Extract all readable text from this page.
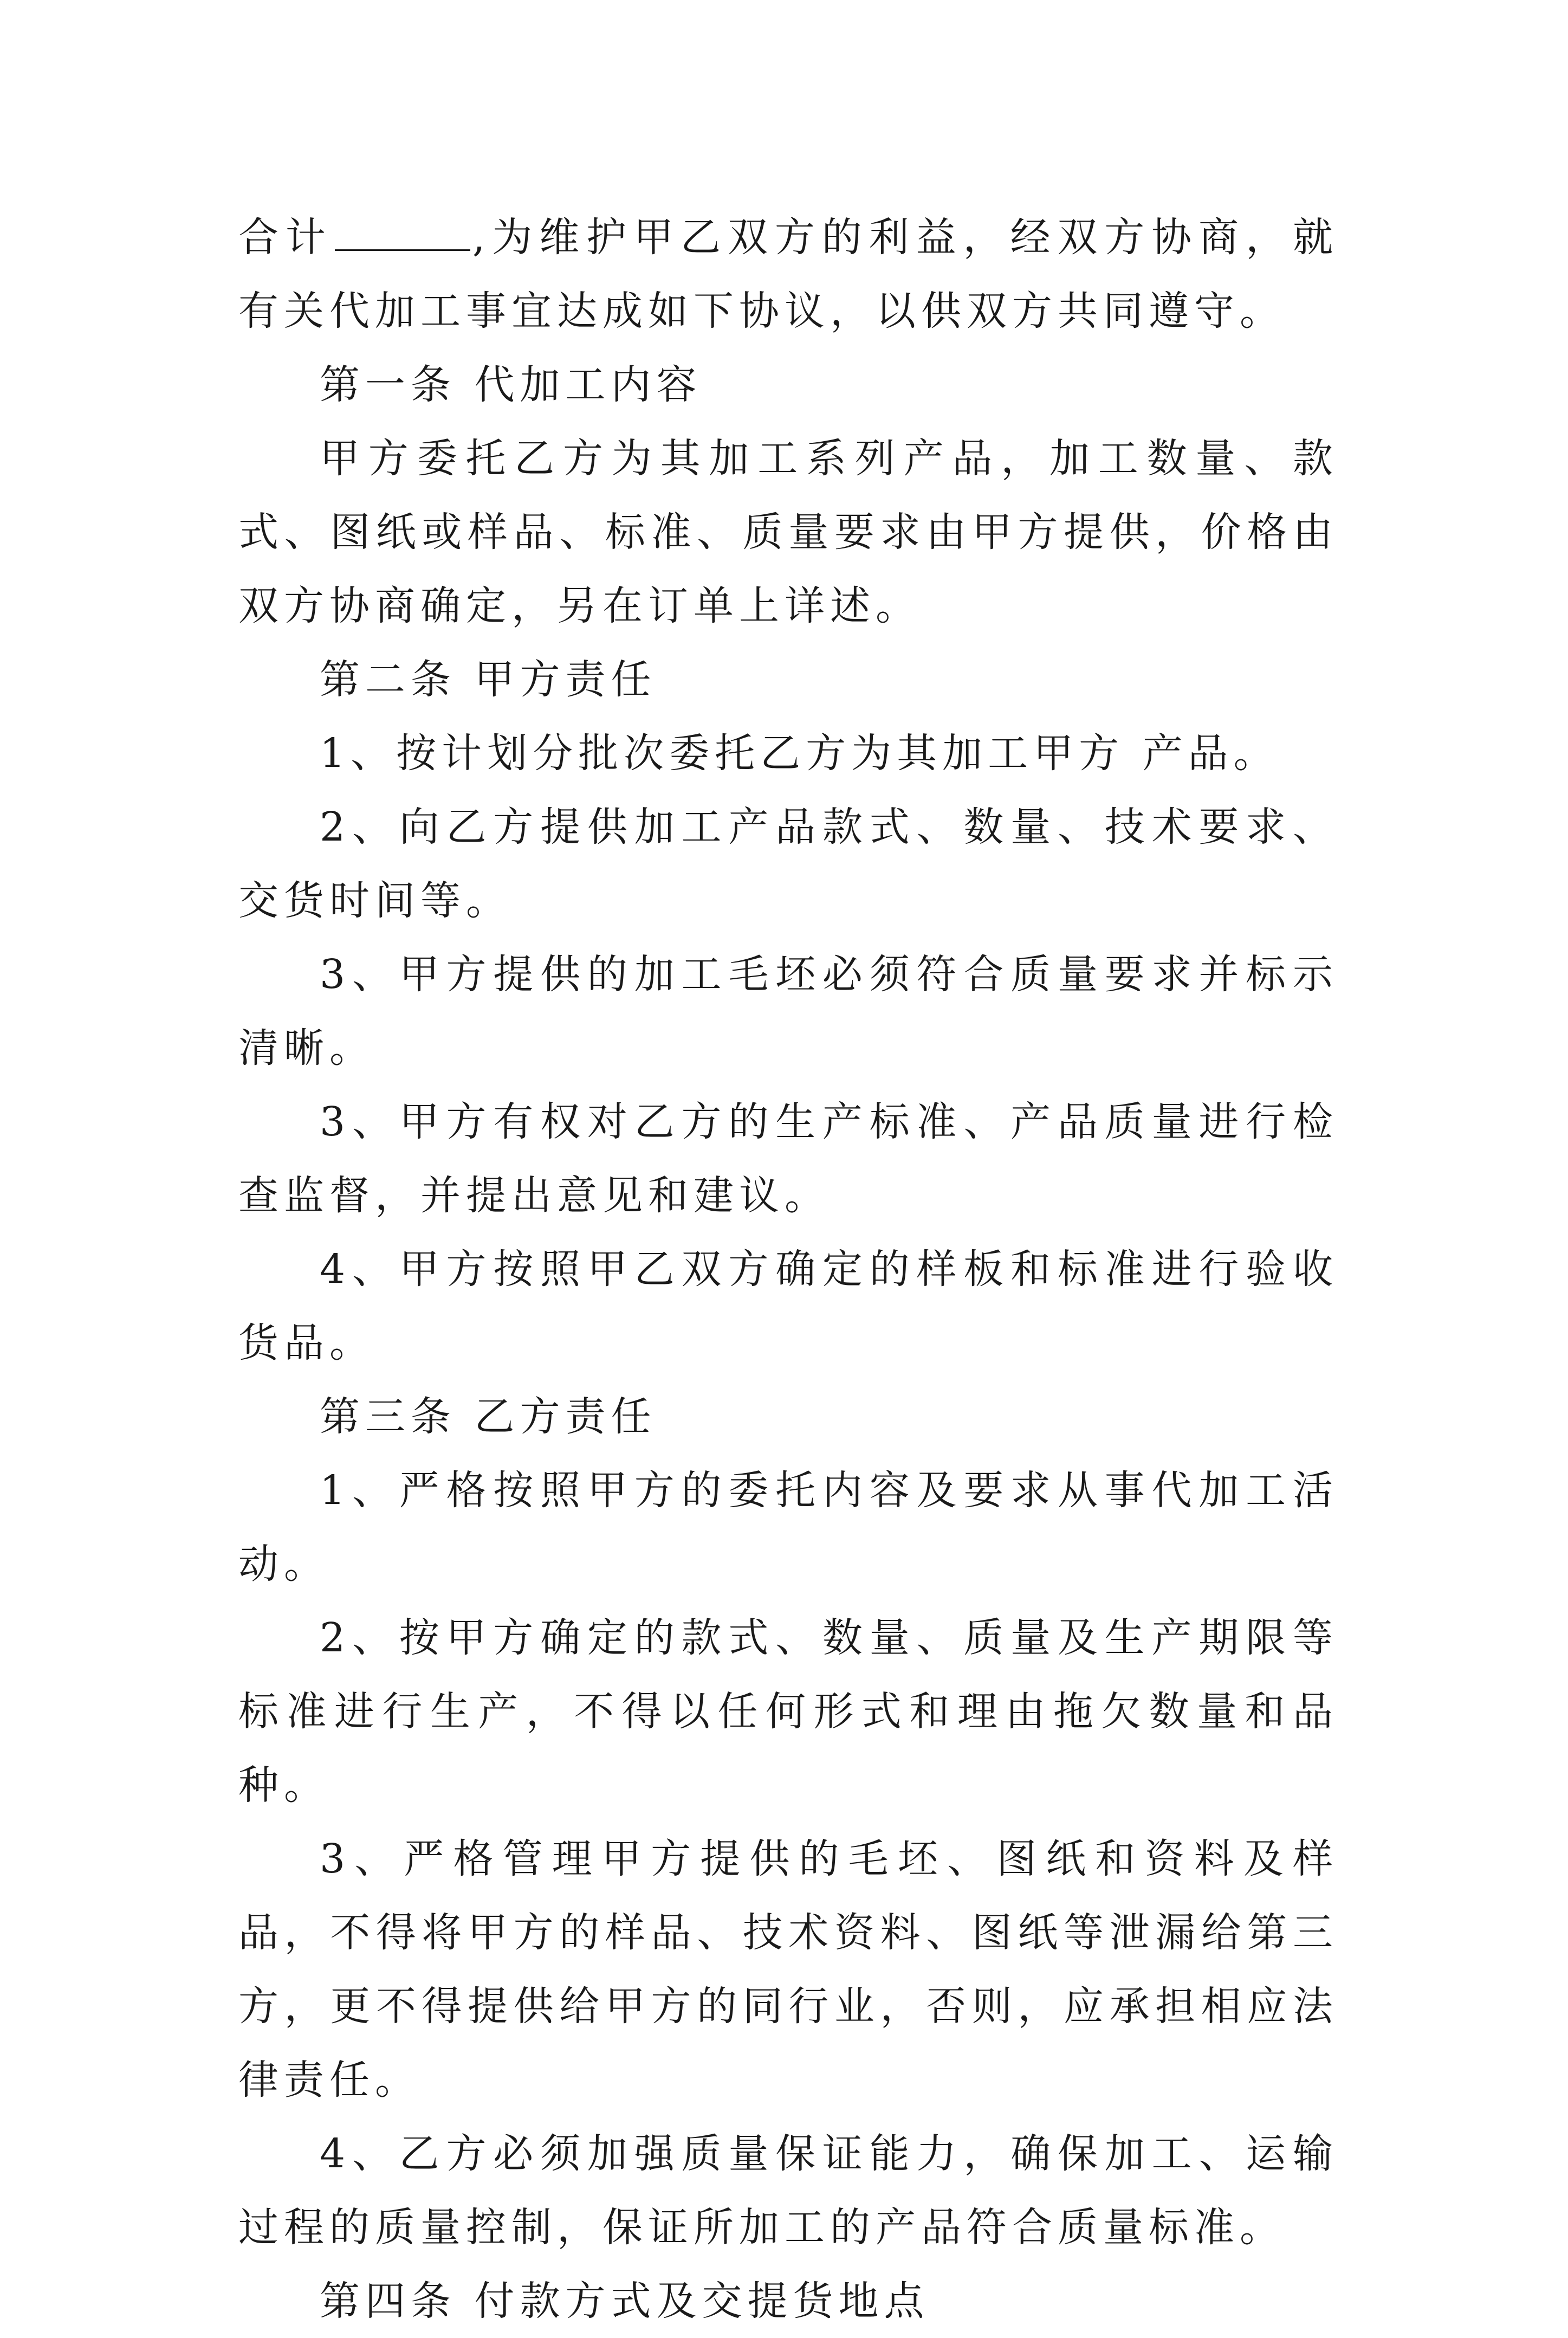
合计	,为维护甲乙双方的利益，经双方协商，就有关代加工事宜达成如下协议，以供双方共同遵守。

第一条 代加工内容

甲方委托乙方为其加工系列产品，加工数量、款式、图纸或样品、标准、质量要求由甲方提供，价格由双方协商确定，另在订单上详述。

第二条 甲方责任

1、按计划分批次委托乙方为其加工甲方 产品。

2、向乙方提供加工产品款式、数量、技术要求、交货时间等。

3、甲方提供的加工毛坯必须符合质量要求并标示清晰。

3、甲方有权对乙方的生产标准、产品质量进行检查监督，并提出意见和建议。

4、甲方按照甲乙双方确定的样板和标准进行验收货品。

第三条 乙方责任

1、严格按照甲方的委托内容及要求从事代加工活动。

2、按甲方确定的款式、数量、质量及生产期限等标准进行生产，不得以任何形式和理由拖欠数量和品种。

3、严格管理甲方提供的毛坯、图纸和资料及样品，不得将甲方的样品、技术资料、图纸等泄漏给第三方，更不得提供给甲方的同行业，否则，应承担相应法律责任。

4、乙方必须加强质量保证能力，确保加工、运输过程的质量控制，保证所加工的产品符合质量标准。

第四条 付款方式及交提货地点
